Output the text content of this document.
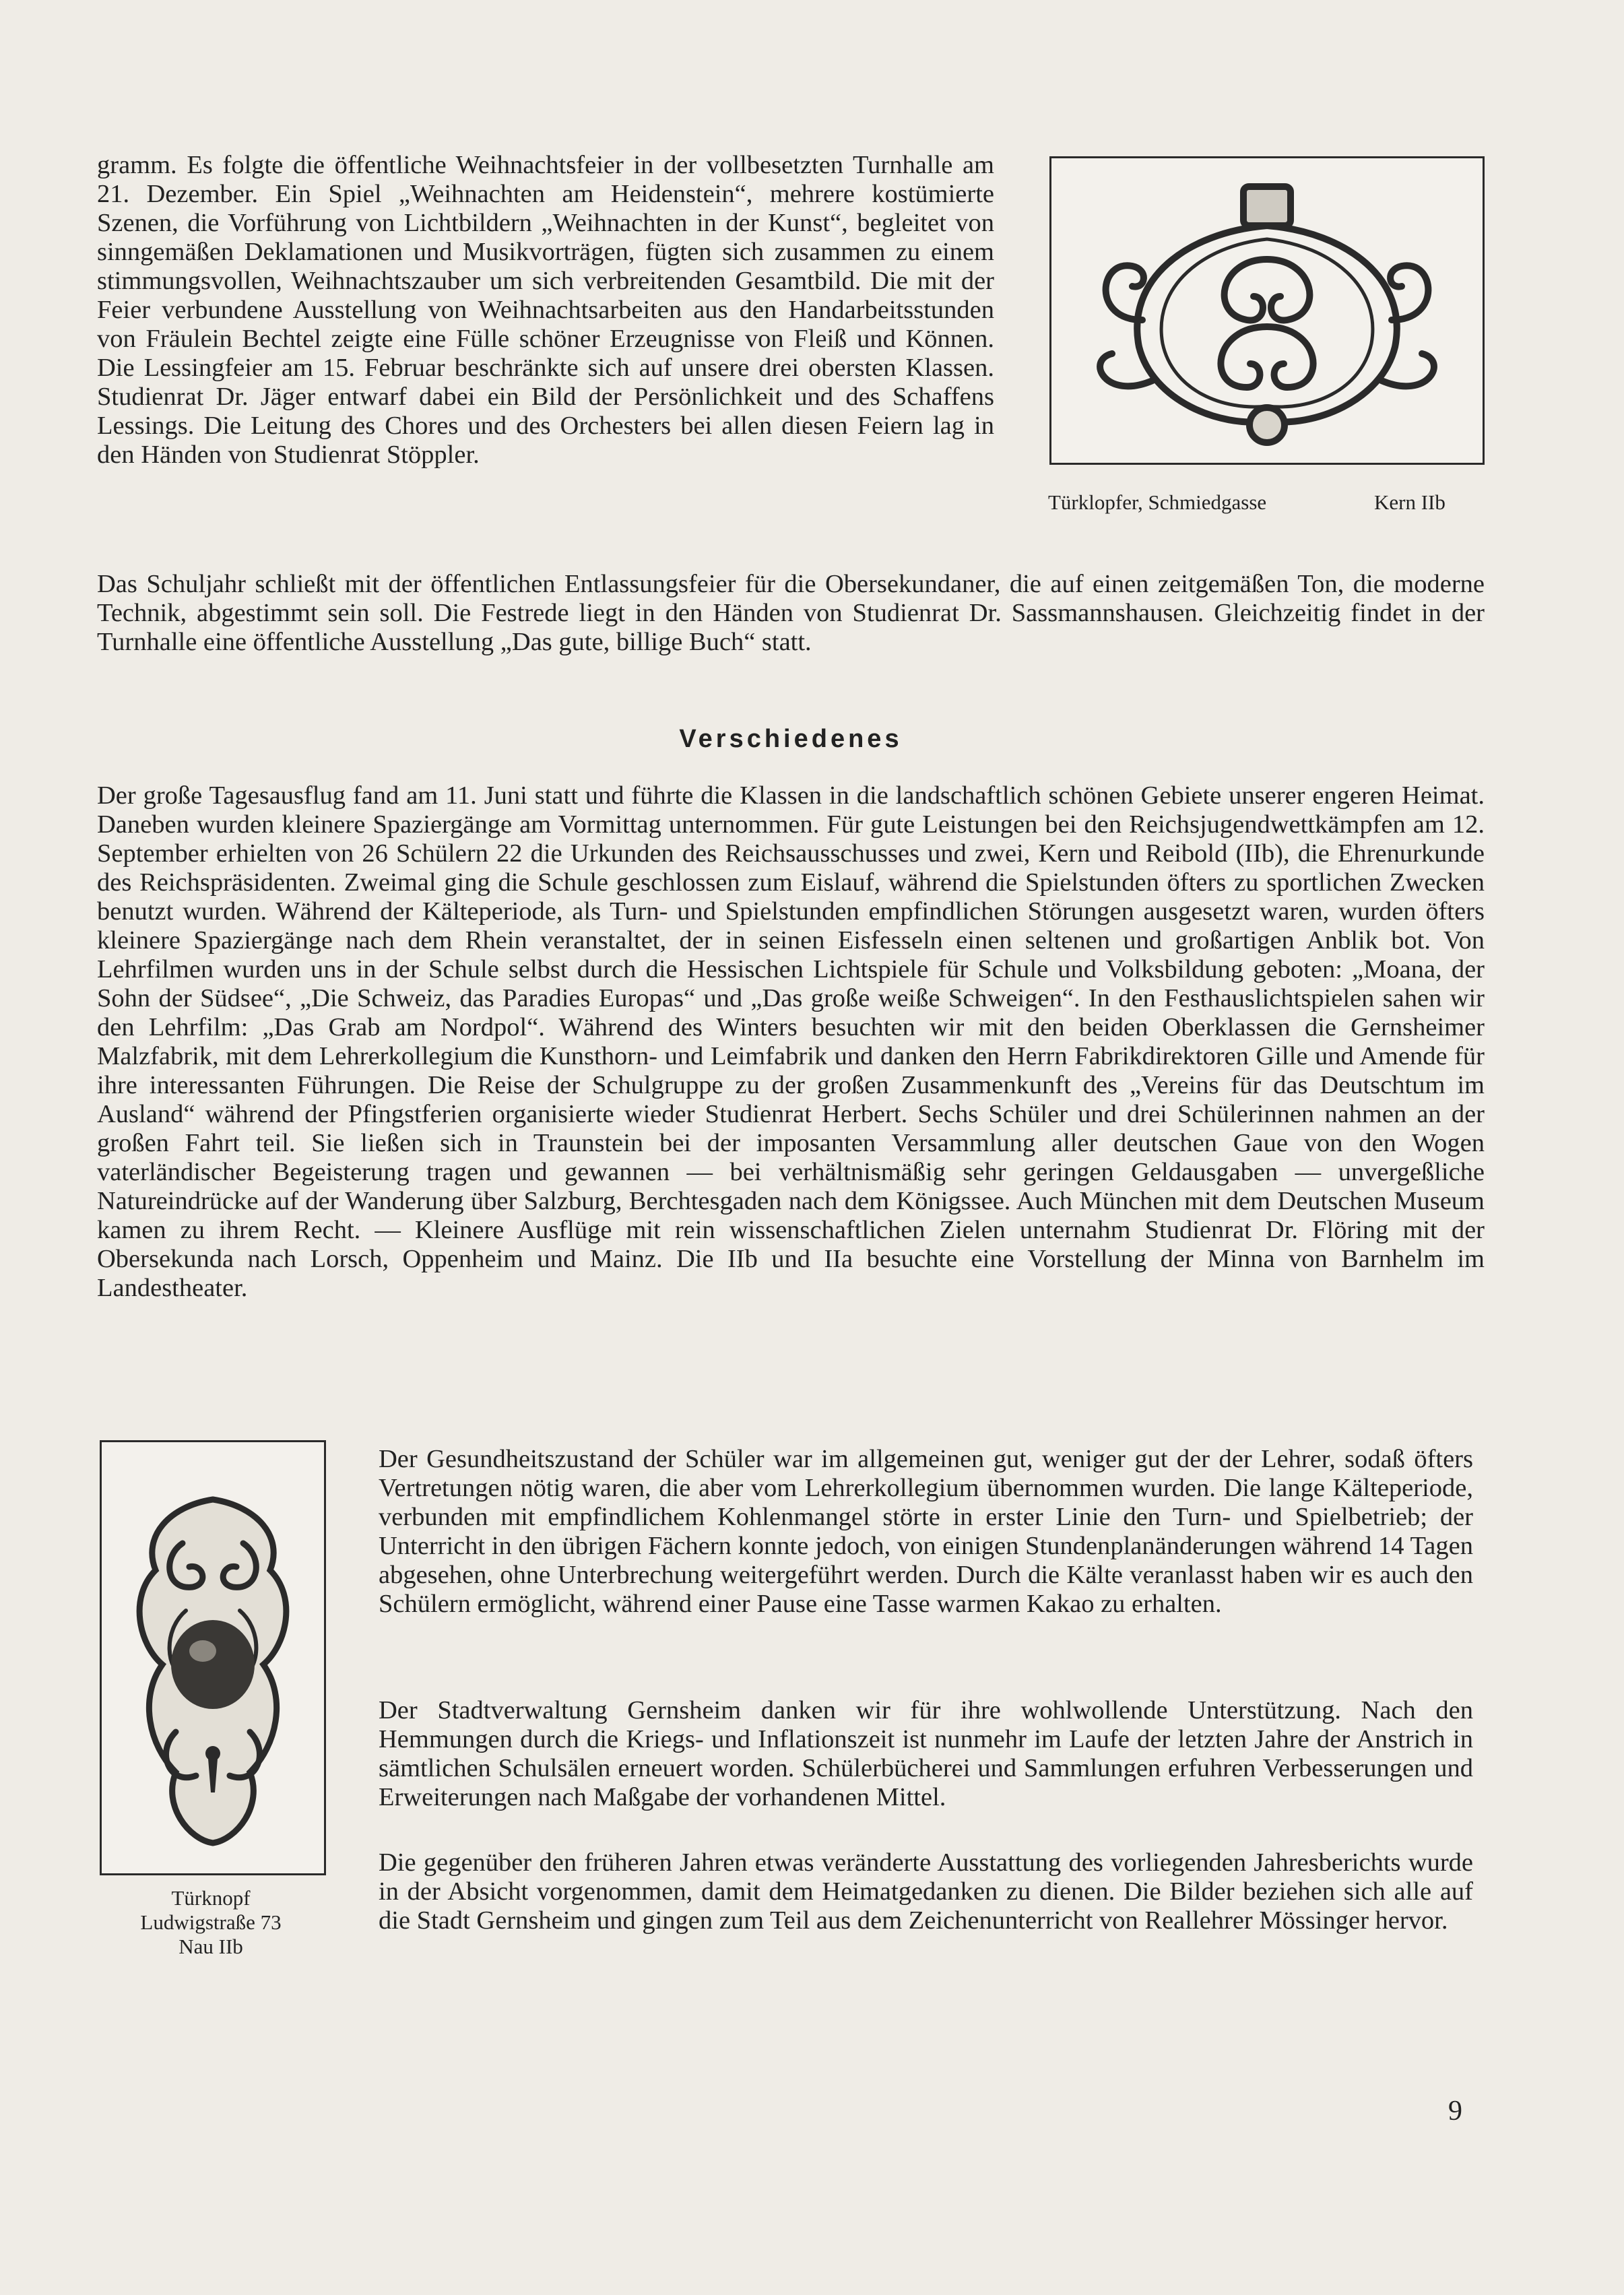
gramm. Es folgte die öffentliche Weihnachtsfeier in der vollbesetzten Turnhalle am 21. Dezember. Ein Spiel „Weihnachten am Heidenstein“, mehrere kostümierte Szenen, die Vorführung von Lichtbildern „Weihnachten in der Kunst“, begleitet von sinngemäßen Deklamationen und Musikvorträgen, fügten sich zusammen zu einem stimmungsvollen, Weihnachtszauber um sich verbreitenden Gesamtbild. Die mit der Feier verbundene Ausstellung von Weihnachtsarbeiten aus den Handarbeitsstunden von Fräulein Bechtel zeigte eine Fülle schöner Erzeugnisse von Fleiß und Können. Die Lessingfeier am 15. Februar beschränkte sich auf unsere drei obersten Klassen. Studienrat Dr. Jäger entwarf dabei ein Bild der Persönlichkeit und des Schaffens Lessings. Die Leitung des Chores und des Orchesters bei allen diesen Feiern lag in den Händen von Studienrat Stöppler.

Türklopfer, Schmiedgasse	Kern IIb

Das Schuljahr schließt mit der öffentlichen Entlassungsfeier für die Obersekundaner, die auf einen zeitgemäßen Ton, die moderne Technik, abgestimmt sein soll. Die Festrede liegt in den Händen von Studienrat Dr. Sassmannshausen. Gleichzeitig findet in der Turnhalle eine öffentliche Ausstellung „Das gute, billige Buch“ statt.

Verschiedenes

Der große Tagesausflug fand am 11. Juni statt und führte die Klassen in die landschaftlich schönen Gebiete unserer engeren Heimat. Daneben wurden kleinere Spaziergänge am Vormittag unternommen. Für gute Leistungen bei den Reichsjugendwettkämpfen am 12. September erhielten von 26 Schülern 22 die Urkunden des Reichsausschusses und zwei, Kern und Reibold (IIb), die Ehrenurkunde des Reichspräsidenten. Zweimal ging die Schule geschlossen zum Eislauf, während die Spielstunden öfters zu sportlichen Zwecken benutzt wurden. Während der Kälteperiode, als Turn- und Spielstunden empfindlichen Störungen ausgesetzt waren, wurden öfters kleinere Spaziergänge nach dem Rhein veranstaltet, der in seinen Eisfesseln einen seltenen und großartigen Anblik bot. Von Lehrfilmen wurden uns in der Schule selbst durch die Hessischen Lichtspiele für Schule und Volksbildung geboten: „Moana, der Sohn der Südsee“, „Die Schweiz, das Paradies Europas“ und „Das große weiße Schweigen“. In den Festhauslichtspielen sahen wir den Lehrfilm: „Das Grab am Nordpol“. Während des Winters besuchten wir mit den beiden Oberklassen die Gernsheimer Malzfabrik, mit dem Lehrerkollegium die Kunsthorn- und Leimfabrik und danken den Herrn Fabrikdirektoren Gille und Amende für ihre interessanten Führungen. Die Reise der Schulgruppe zu der großen Zusammenkunft des „Vereins für das Deutschtum im Ausland“ während der Pfingstferien organisierte wieder Studienrat Herbert. Sechs Schüler und drei Schülerinnen nahmen an der großen Fahrt teil. Sie ließen sich in Traunstein bei der imposanten Versammlung aller deutschen Gaue von den Wogen vaterländischer Begeisterung tragen und gewannen — bei verhältnismäßig sehr geringen Geldausgaben — unvergeßliche Natureindrücke auf der Wanderung über Salzburg, Berchtesgaden nach dem Königssee. Auch München mit dem Deutschen Museum kamen zu ihrem Recht. — Kleinere Ausflüge mit rein wissenschaftlichen Zielen unternahm Studienrat Dr. Flöring mit der Obersekunda nach Lorsch, Oppenheim und Mainz. Die IIb und IIa besuchte eine Vorstellung der Minna von Barnhelm im Landestheater.

Türknopf
Ludwigstraße 73
Nau IIb

Der Gesundheitszustand der Schüler war im allgemeinen gut, weniger gut der der Lehrer, sodaß öfters Vertretungen nötig waren, die aber vom Lehrerkollegium übernommen wurden. Die lange Kälteperiode, verbunden mit empfindlichem Kohlenmangel störte in erster Linie den Turn- und Spielbetrieb; der Unterricht in den übrigen Fächern konnte jedoch, von einigen Stundenplanänderungen während 14 Tagen abgesehen, ohne Unterbrechung weitergeführt werden. Durch die Kälte veranlasst haben wir es auch den Schülern ermöglicht, während einer Pause eine Tasse warmen Kakao zu erhalten.

Der Stadtverwaltung Gernsheim danken wir für ihre wohlwollende Unterstützung. Nach den Hemmungen durch die Kriegs- und Inflationszeit ist nunmehr im Laufe der letzten Jahre der Anstrich in sämtlichen Schulsälen erneuert worden. Schülerbücherei und Sammlungen erfuhren Verbesserungen und Erweiterungen nach Maßgabe der vorhandenen Mittel.

Die gegenüber den früheren Jahren etwas veränderte Ausstattung des vorliegenden Jahresberichts wurde in der Absicht vorgenommen, damit dem Heimatgedanken zu dienen. Die Bilder beziehen sich alle auf die Stadt Gernsheim und gingen zum Teil aus dem Zeichenunterricht von Reallehrer Mössinger hervor.

9
